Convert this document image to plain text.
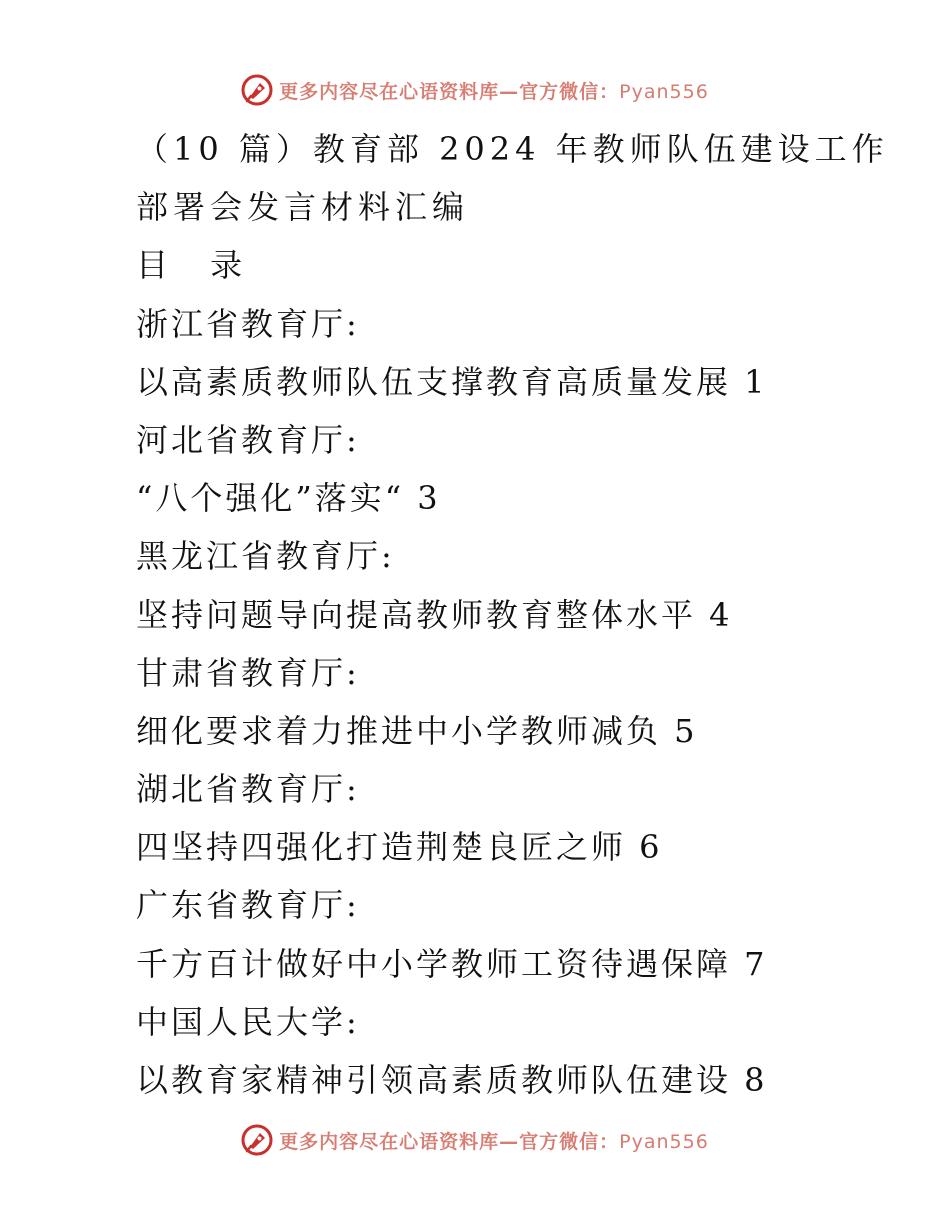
更多内容尽在心语资料库—官方微信：Pyan556
（10 篇）教育部 2024 年教师队伍建设工作
部署会发言材料汇编
目 录
浙江省教育厅:
以高素质教师队伍支撑教育高质量发展 1
河北省教育厅:
“八个强化”落实“ 3
黑龙江省教育厅:
坚持问题导向提高教师教育整体水平 4
甘肃省教育厅:
细化要求着力推进中小学教师减负 5
湖北省教育厅:
四坚持四强化打造荆楚良匠之师 6
广东省教育厅:
千方百计做好中小学教师工资待遇保障 7
中国人民大学:
以教育家精神引领高素质教师队伍建设 8
更多内容尽在心语资料库—官方微信：Pyan556
